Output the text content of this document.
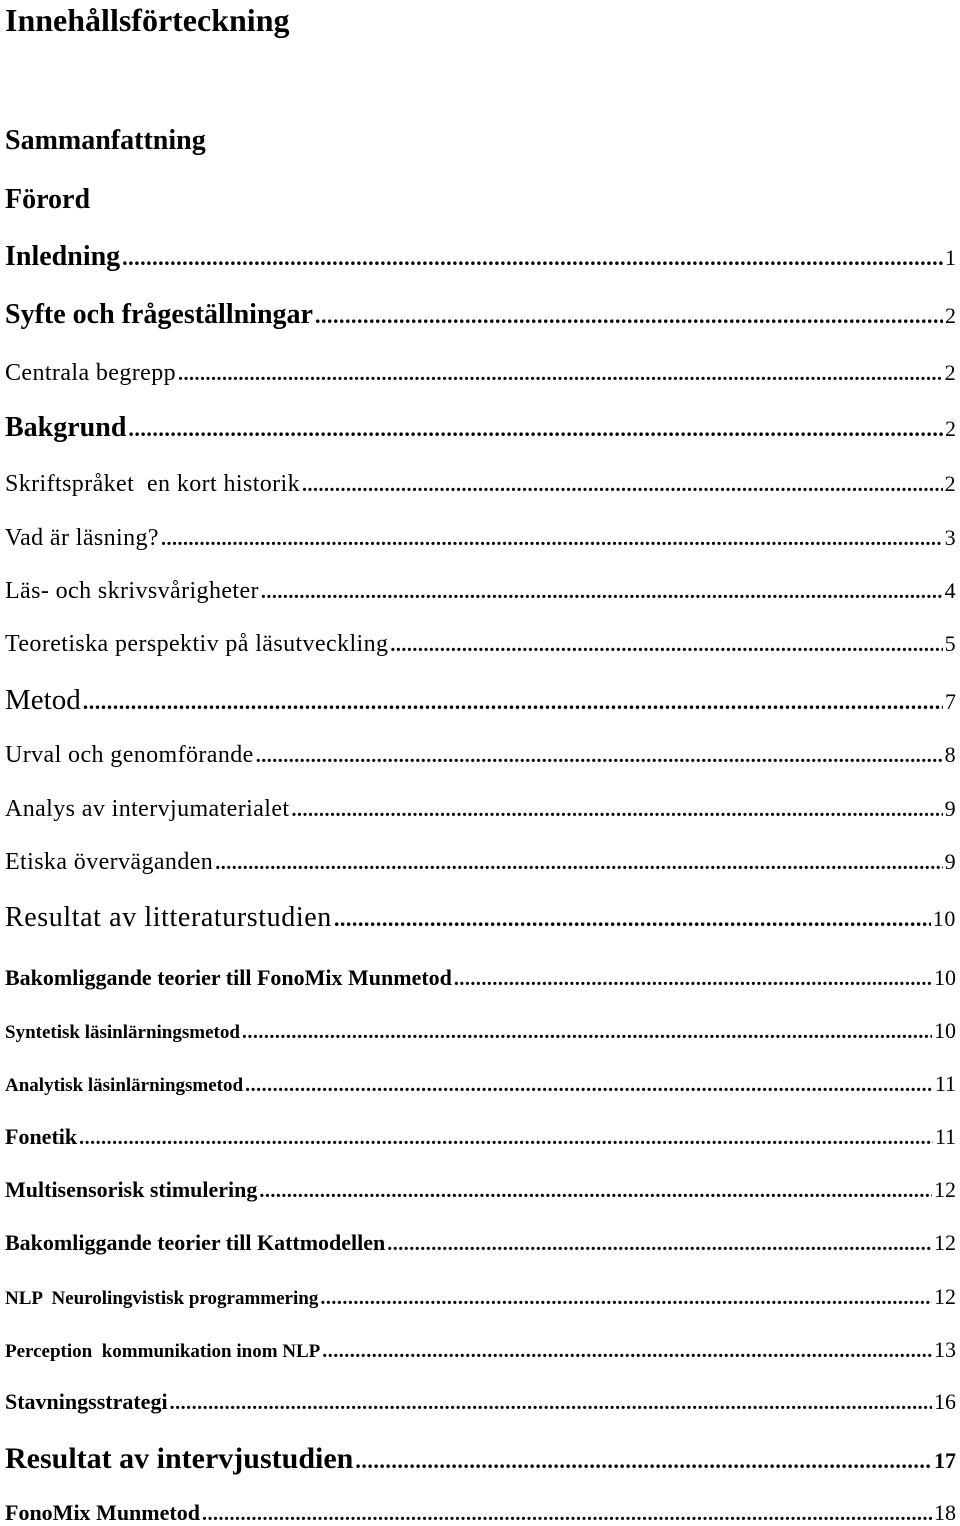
Innehållsförteckning
Sammanfattning
Förord
Inledning .....	1
Syfte och frågeställningar .....	2
Centrala begrepp .....	2
Bakgrund .....	2
Skriftspråket  en kort historik .....	2
Vad är läsning? .....	3
Läs- och skrivsvårigheter .....	4
Teoretiska perspektiv på läsutveckling .....	5
Metod .....	7
Urval och genomförande .....	8
Analys av intervjumaterialet .....	9
Etiska överväganden .....	9
Resultat av litteraturstudien .....	10
Bakomliggande teorier till FonoMix Munmetod .....	10
Syntetisk läsinlärningsmetod .....	10
Analytisk läsinlärningsmetod .....	11
Fonetik .....	11
Multisensorisk stimulering .....	12
Bakomliggande teorier till Kattmodellen .....	12
NLP  Neurolingvistisk programmering .....	12
Perception  kommunikation inom NLP .....	13
Stavningsstrategi .....	16
Resultat av intervjustudien .....	17
FonoMix Munmetod .....	18
